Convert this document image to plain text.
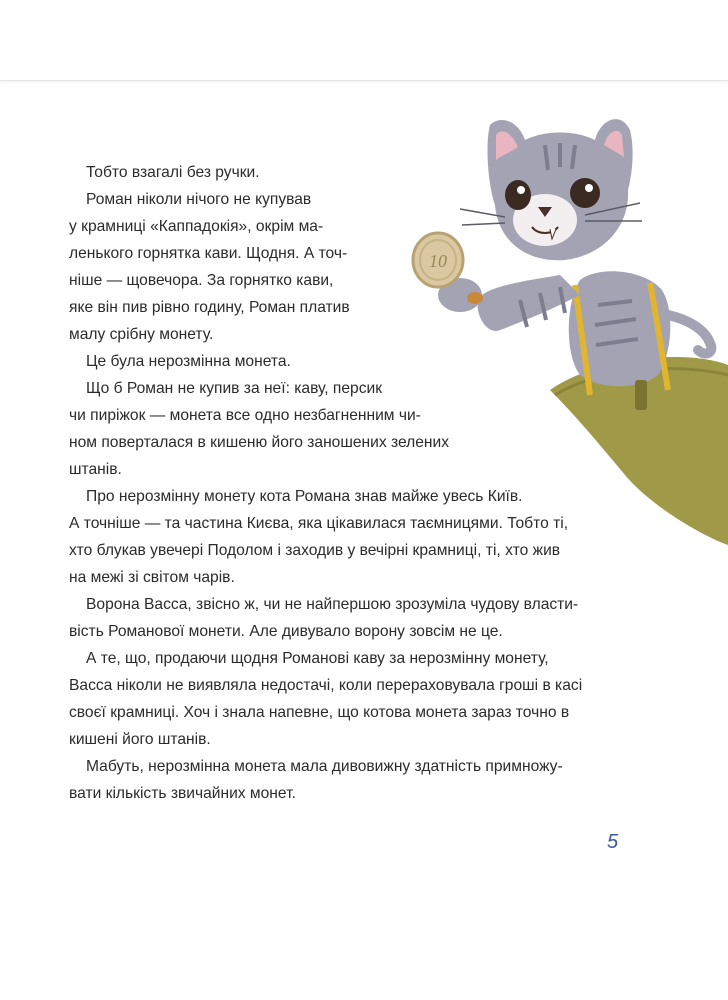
Тобто взагалі без ручки.
Роман ніколи нічого не купував
у крамниці «Каппадокія», окрім ма-
ленького горнятка кави. Щодня. А точ-
ніше — щовечора. За горнятко кави,
яке він пив рівно годину, Роман платив
малу срібну монету.
Це була нерозмінна монета.
Що б Роман не купив за неї: каву, персик
чи пиріжок — монета все одно незбагненним чи-
ном поверталася в кишеню його заношених зелених
штанів.
Про нерозмінну монету кота Романа знав майже увесь Київ.
А точніше — та частина Києва, яка цікавилася таємницями. Тобто ті,
хто блукав увечері Подолом і заходив у вечірні крамниці, ті, хто жив
на межі зі світом чарів.
Ворона Васса, звісно ж, чи не найпершою зрозуміла чудову власти-
вість Романової монети. Але дивувало ворону зовсім не це.
А те, що, продаючи щодня Романові каву за нерозмінну монету,
Васса ніколи не виявляла недостачі, коли перераховувала гроші в касі
своєї крамниці. Хоч і знала напевне, що котова монета зараз точно в
кишені його штанів.
Мабуть, нерозмінна монета мала дивовижну здатність примножу-
вати кількість звичайних монет.
10
5
